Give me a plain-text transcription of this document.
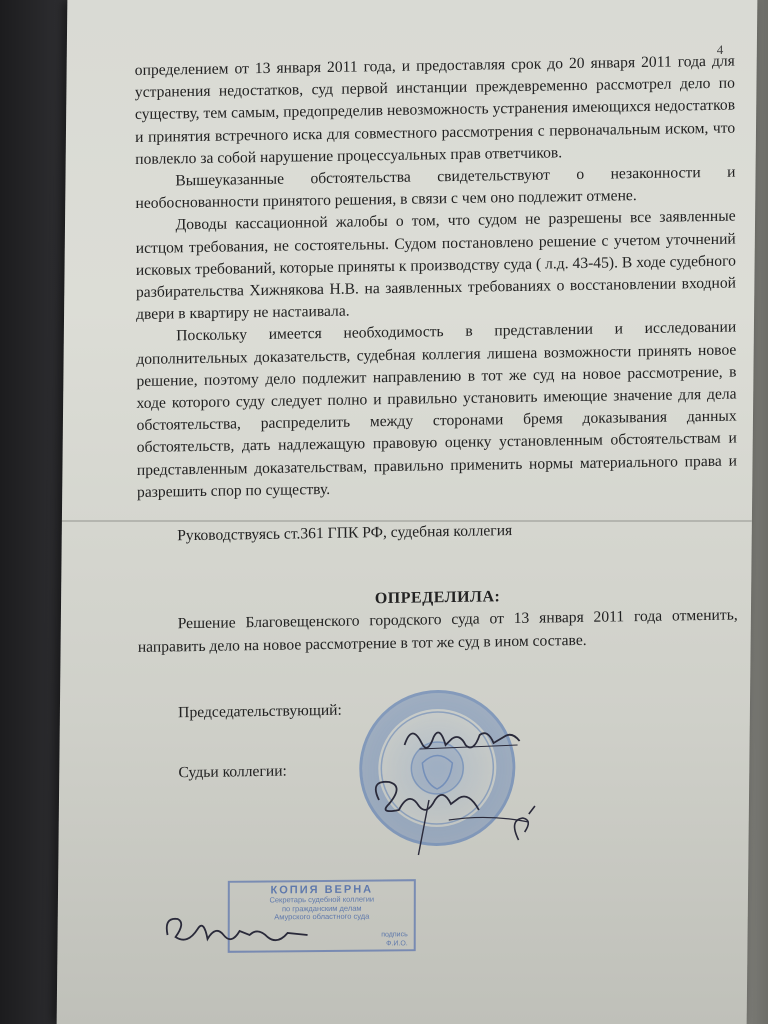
4

определением от 13 января 2011 года, и предоставляя срок до 20 января 2011 года для устранения недостатков, суд первой инстанции преждевременно рассмотрел дело по существу, тем самым, предопределив невозможность устранения имеющихся недостатков и принятия встречного иска для совместного рассмотрения с первоначальным иском, что повлекло за собой нарушение процессуальных прав ответчиков.

Вышеуказанные обстоятельства свидетельствуют о незаконности и необоснованности принятого решения, в связи с чем оно подлежит отмене.

Доводы кассационной жалобы о том, что судом не разрешены все заявленные истцом требования, не состоятельны. Судом постановлено решение с учетом уточнений исковых требований, которые приняты к производству суда ( л.д. 43-45). В ходе судебного разбирательства Хижнякова Н.В. на заявленных требованиях о восстановлении входной двери в квартиру не настаивала.

Поскольку имеется необходимость в представлении и исследовании дополнительных доказательств, судебная коллегия лишена возможности принять новое решение, поэтому дело подлежит направлению в тот же суд на новое рассмотрение, в ходе которого суду следует полно и правильно установить имеющие значение для дела обстоятельства, распределить между сторонами бремя доказывания данных обстоятельств, дать надлежащую правовую оценку установленным обстоятельствам и представленным доказательствам, правильно применить нормы материального права и разрешить спор по существу.

Руководствуясь ст.361 ГПК РФ, судебная коллегия

ОПРЕДЕЛИЛА:

Решение Благовещенского городского суда от 13 января 2011 года отменить, направить дело на новое рассмотрение в тот же суд в ином составе.

Председательствующий:
Судьи коллегии:
КОПИЯ ВЕРНА
Секретарь судебной коллегии
по гражданским делам
Амурского областного суда
подпись
Ф.И.О.
